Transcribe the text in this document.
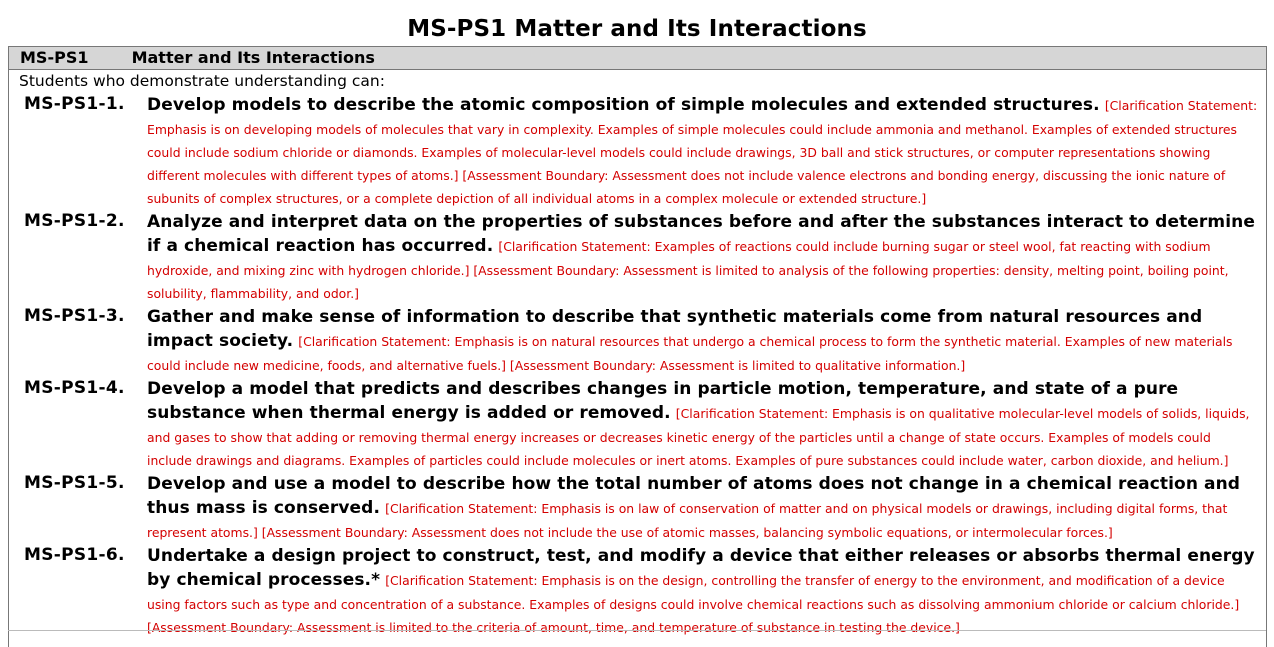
MS-PS1 Matter and Its Interactions
MS-PS1	Matter and Its Interactions
Students who demonstrate understanding can:
MS-PS1-1. Develop models to describe the atomic composition of simple molecules and extended structures. [Clarification Statement: Emphasis is on developing models of molecules that vary in complexity. Examples of simple molecules could include ammonia and methanol. Examples of extended structures could include sodium chloride or diamonds. Examples of molecular-level models could include drawings, 3D ball and stick structures, or computer representations showing different molecules with different types of atoms.] [Assessment Boundary: Assessment does not include valence electrons and bonding energy, discussing the ionic nature of subunits of complex structures, or a complete depiction of all individual atoms in a complex molecule or extended structure.]
MS-PS1-2. Analyze and interpret data on the properties of substances before and after the substances interact to determine if a chemical reaction has occurred. [Clarification Statement: Examples of reactions could include burning sugar or steel wool, fat reacting with sodium hydroxide, and mixing zinc with hydrogen chloride.] [Assessment Boundary: Assessment is limited to analysis of the following properties: density, melting point, boiling point, solubility, flammability, and odor.]
MS-PS1-3. Gather and make sense of information to describe that synthetic materials come from natural resources and impact society. [Clarification Statement: Emphasis is on natural resources that undergo a chemical process to form the synthetic material. Examples of new materials could include new medicine, foods, and alternative fuels.] [Assessment Boundary: Assessment is limited to qualitative information.]
MS-PS1-4. Develop a model that predicts and describes changes in particle motion, temperature, and state of a pure substance when thermal energy is added or removed. [Clarification Statement: Emphasis is on qualitative molecular-level models of solids, liquids, and gases to show that adding or removing thermal energy increases or decreases kinetic energy of the particles until a change of state occurs. Examples of models could include drawings and diagrams. Examples of particles could include molecules or inert atoms. Examples of pure substances could include water, carbon dioxide, and helium.]
MS-PS1-5. Develop and use a model to describe how the total number of atoms does not change in a chemical reaction and thus mass is conserved. [Clarification Statement: Emphasis is on law of conservation of matter and on physical models or drawings, including digital forms, that represent atoms.] [Assessment Boundary: Assessment does not include the use of atomic masses, balancing symbolic equations, or intermolecular forces.]
MS-PS1-6. Undertake a design project to construct, test, and modify a device that either releases or absorbs thermal energy by chemical processes.* [Clarification Statement: Emphasis is on the design, controlling the transfer of energy to the environment, and modification of a device using factors such as type and concentration of a substance. Examples of designs could involve chemical reactions such as dissolving ammonium chloride or calcium chloride.] [Assessment Boundary: Assessment is limited to the criteria of amount, time, and temperature of substance in testing the device.]
